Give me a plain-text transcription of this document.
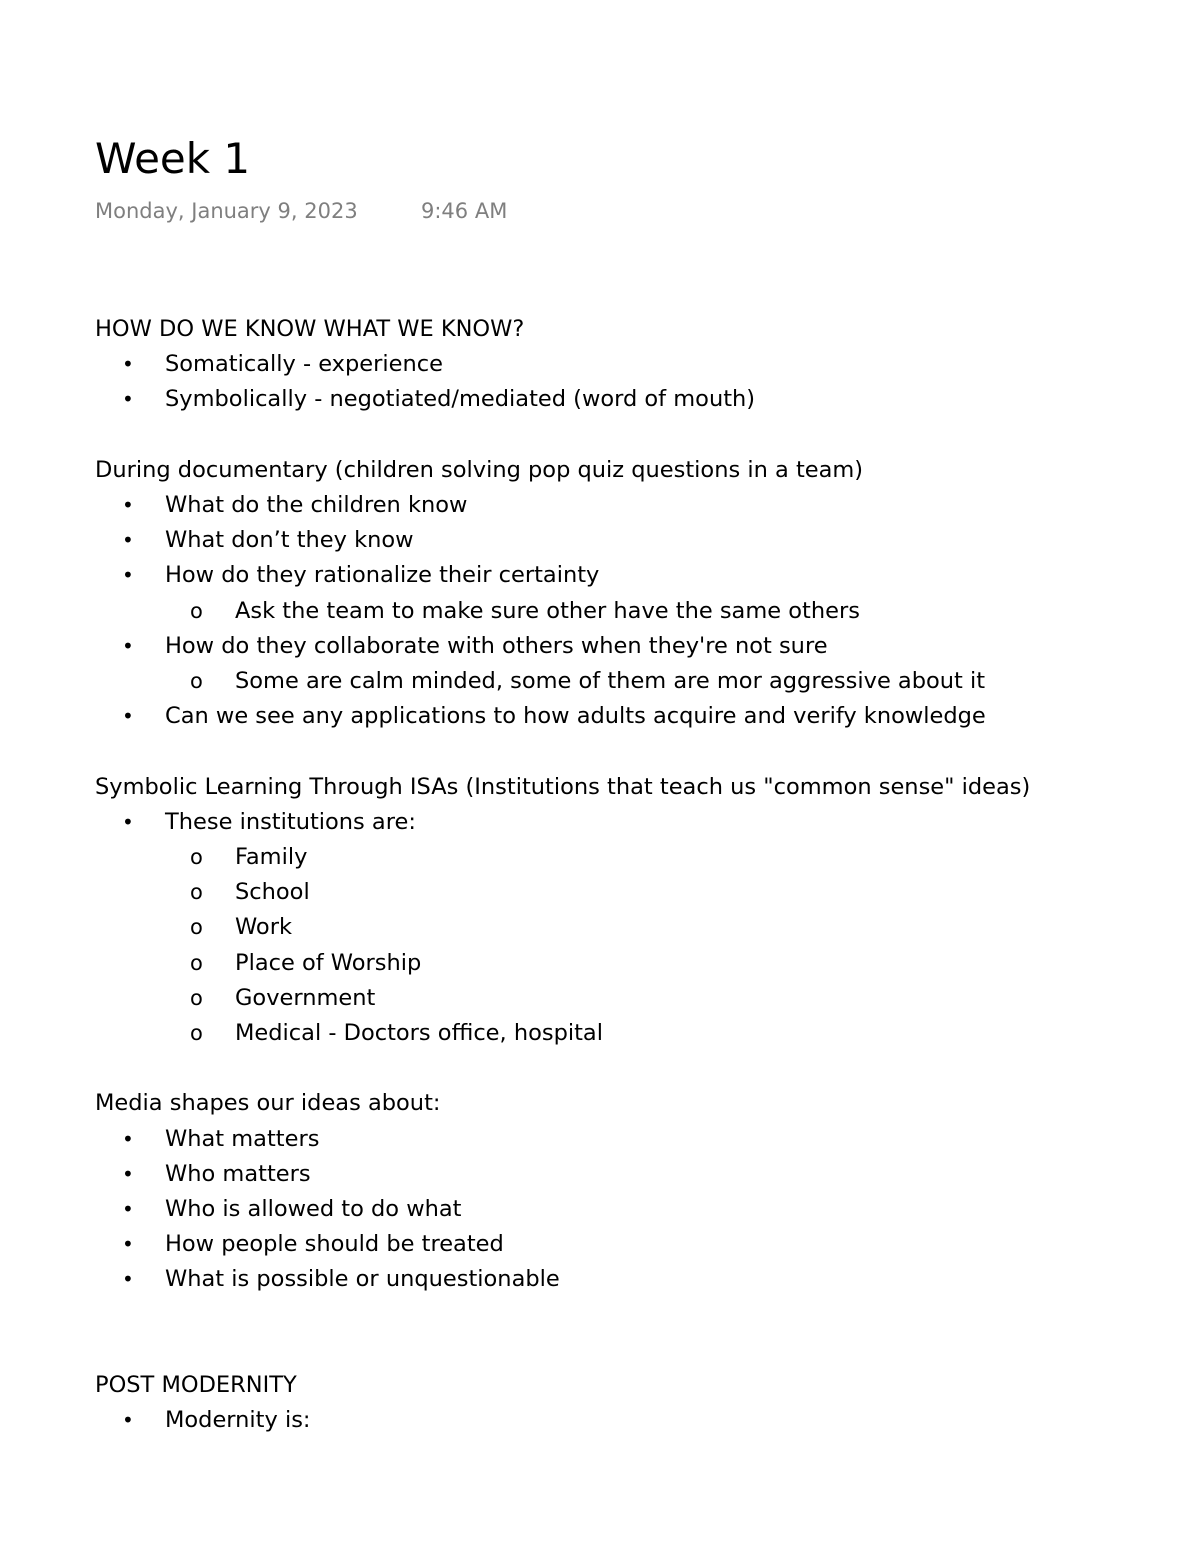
Week 1
Monday, January 9, 2023	9:46 AM

HOW DO WE KNOW WHAT WE KNOW?

• Somatically - experience
• Symbolically - negotiated/mediated (word of mouth)

During documentary (children solving pop quiz questions in a team)

• What do the children know
• What don’t they know
• How do they rationalize their certainty
o Ask the team to make sure other have the same others
• How do they collaborate with others when they're not sure
o Some are calm minded, some of them are mor aggressive about it
• Can we see any applications to how adults acquire and verify knowledge

Symbolic Learning Through ISAs (Institutions that teach us "common sense" ideas)

• These institutions are:
o Family
o School
o Work
o Place of Worship
o Government
o Medical - Doctors office, hospital

Media shapes our ideas about:

• What matters
• Who matters
• Who is allowed to do what
• How people should be treated
• What is possible or unquestionable

POST MODERNITY

• Modernity is:
